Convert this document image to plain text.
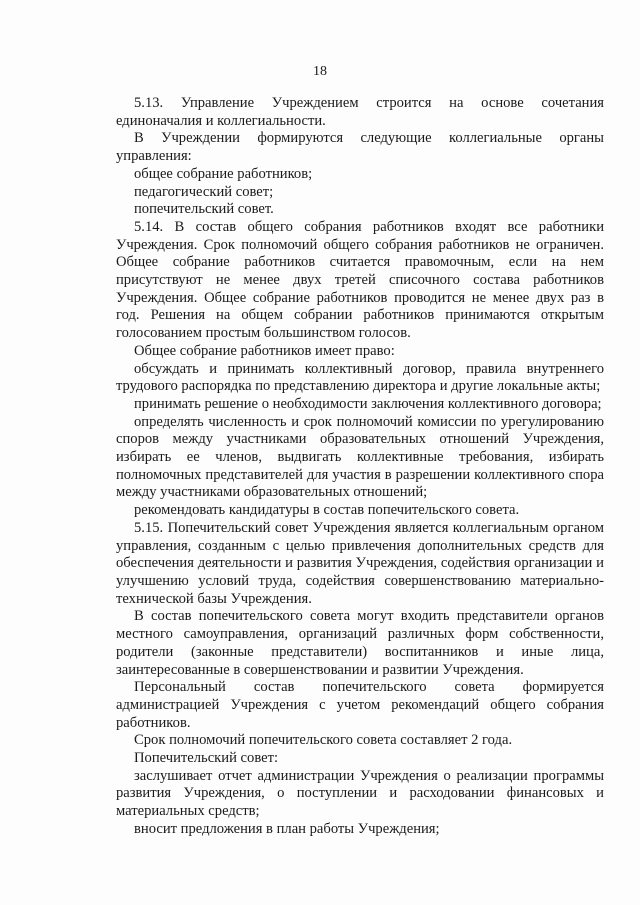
18

5.13. Управление Учреждением строится на основе сочетания единоначалия и коллегиальности.

В Учреждении формируются следующие коллегиальные органы управления:

общее собрание работников;

педагогический совет;

попечительский совет.

5.14. В состав общего собрания работников входят все работники Учреждения. Срок полномочий общего собрания работников не ограничен. Общее собрание работников считается правомочным, если на нем присутствуют не менее двух третей списочного состава работников Учреждения. Общее собрание работников проводится не менее двух раз в год. Решения на общем собрании работников принимаются открытым голосованием простым большинством голосов.

Общее собрание работников имеет право:

обсуждать и принимать коллективный договор, правила внутреннего трудового распорядка по представлению директора и другие локальные акты;

принимать решение о необходимости заключения коллективного договора;

определять численность и срок полномочий комиссии по урегулированию споров между участниками образовательных отношений Учреждения, избирать ее членов, выдвигать коллективные требования, избирать полномочных представителей для участия в разрешении коллективного спора между участниками образовательных отношений;

рекомендовать кандидатуры в состав попечительского совета.

5.15. Попечительский совет Учреждения является коллегиальным органом управления, созданным с целью привлечения дополнительных средств для обеспечения деятельности и развития Учреждения, содействия организации и улучшению условий труда, содействия совершенствованию материально-технической базы Учреждения.

В состав попечительского совета могут входить представители органов местного самоуправления, организаций различных форм собственности, родители (законные представители) воспитанников и иные лица, заинтересованные в совершенствовании и развитии Учреждения.

Персональный состав попечительского совета формируется администрацией Учреждения с учетом рекомендаций общего собрания работников.

Срок полномочий попечительского совета составляет 2 года.

Попечительский совет:

заслушивает отчет администрации Учреждения о реализации программы развития Учреждения, о поступлении и расходовании финансовых и материальных средств;

вносит предложения в план работы Учреждения;
